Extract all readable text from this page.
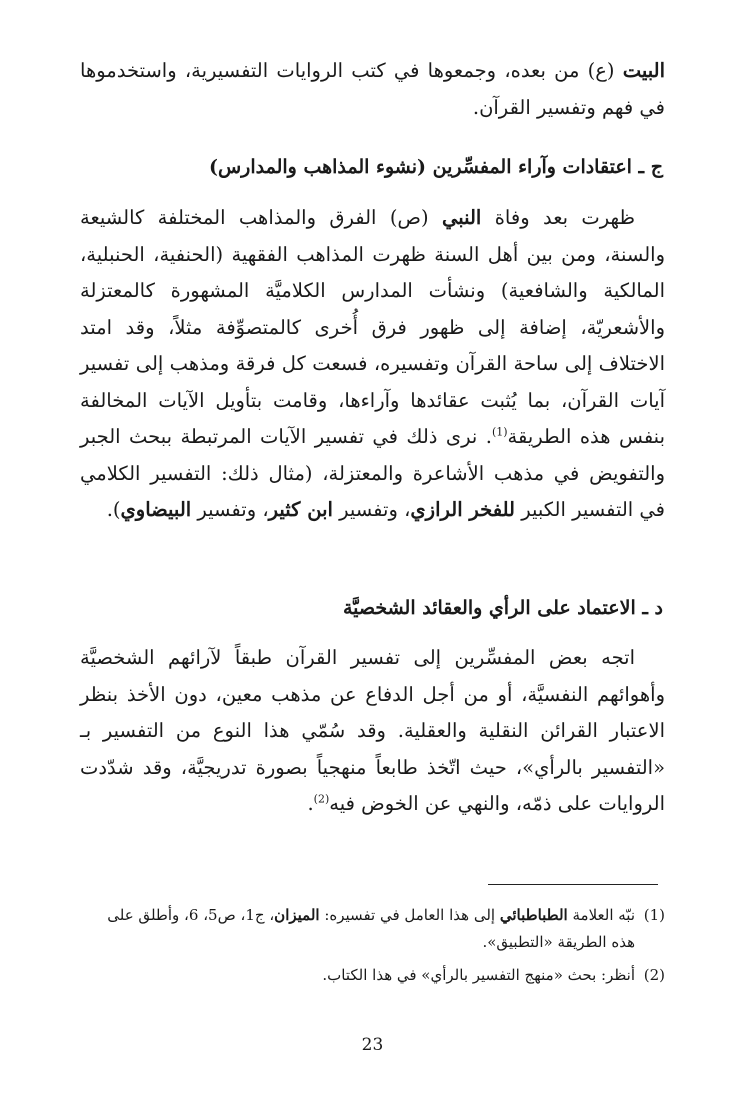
البيت (ع) من بعده، وجمعوها في كتب الروايات التفسيرية، واستخدموها في فهم وتفسير القرآن.

ج ـ اعتقادات وآراء المفسِّرين (نشوء المذاهب والمدارس)

ظهرت بعد وفاة النبي (ص) الفرق والمذاهب المختلفة كالشيعة والسنة، ومن بين أهل السنة ظهرت المذاهب الفقهية (الحنفية، الحنبلية، المالكية والشافعية) ونشأت المدارس الكلاميَّة المشهورة كالمعتزلة والأشعريّة، إضافة إلى ظهور فرق أُخرى كالمتصوِّفة مثلاً، وقد امتد الاختلاف إلى ساحة القرآن وتفسيره، فسعت كل فرقة ومذهب إلى تفسير آيات القرآن، بما يُثبت عقائدها وآراءها، وقامت بتأويل الآيات المخالفة بنفس هذه الطريقة$^{(1)}$. نرى ذلك في تفسير الآيات المرتبطة ببحث الجبر والتفويض في مذهب الأشاعرة والمعتزلة، (مثال ذلك: التفسير الكلامي في التفسير الكبير للفخر الرازي، وتفسير ابن كثير، وتفسير البيضاوي).

د ـ الاعتماد على الرأي والعقائد الشخصيَّة

اتجه بعض المفسِّرين إلى تفسير القرآن طبقاً لآرائهم الشخصيَّة وأهوائهم النفسيَّة، أو من أجل الدفاع عن مذهب معين، دون الأخذ بنظر الاعتبار القرائن النقلية والعقلية. وقد سُمّي هذا النوع من التفسير بـ «التفسير بالرأي»، حيث اتّخذ طابعاً منهجياً بصورة تدريجيَّة، وقد شدّدت الروايات على ذمّه، والنهي عن الخوض فيه$^{(2)}$.

(1)
نبّه العلامة الطباطبائي إلى هذا العامل في تفسيره: الميزان، ج1، ص5، 6، وأطلق على هذه الطريقة «التطبيق».
(2)
أنظر: بحث «منهج التفسير بالرأي» في هذا الكتاب.
23
